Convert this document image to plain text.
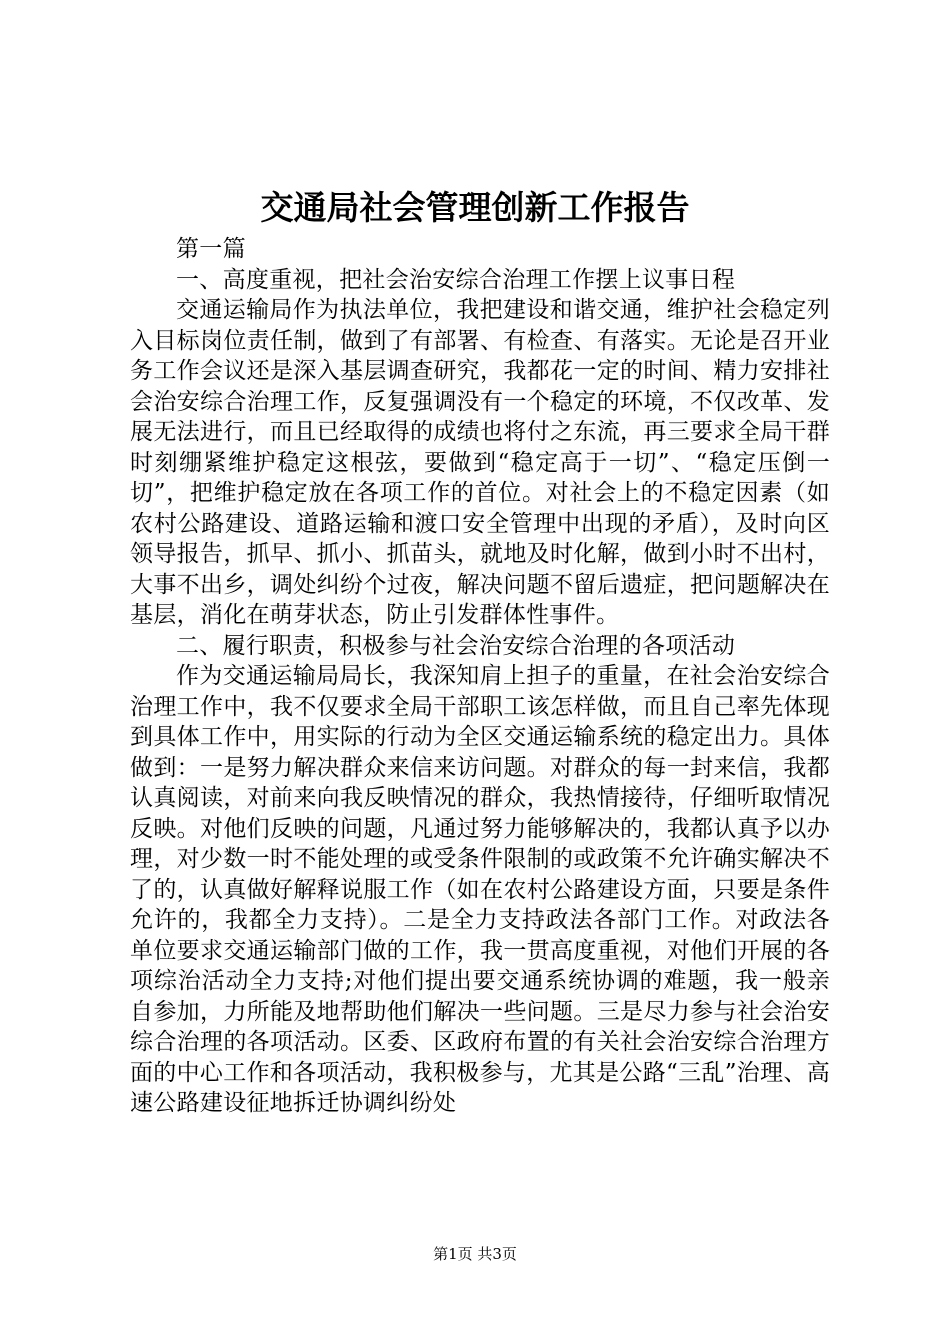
交通局社会管理创新工作报告

第一篇

一、高度重视，把社会治安综合治理工作摆上议事日程

交通运输局作为执法单位，我把建设和谐交通，维护社会稳定列入目标岗位责任制，做到了有部署、有检查、有落实。无论是召开业务工作会议还是深入基层调查研究，我都花一定的时间、精力安排社会治安综合治理工作，反复强调没有一个稳定的环境，不仅改革、发展无法进行，而且已经取得的成绩也将付之东流，再三要求全局干群时刻绷紧维护稳定这根弦，要做到“稳定高于一切”、“稳定压倒一切”，把维护稳定放在各项工作的首位。对社会上的不稳定因素（如农村公路建设、道路运输和渡口安全管理中出现的矛盾），及时向区领导报告，抓早、抓小、抓苗头，就地及时化解，做到小时不出村，大事不出乡，调处纠纷个过夜，解决问题不留后遗症，把问题解决在基层，消化在萌芽状态，防止引发群体性事件。

二、履行职责，积极参与社会治安综合治理的各项活动

作为交通运输局局长，我深知肩上担子的重量，在社会治安综合治理工作中，我不仅要求全局干部职工该怎样做，而且自己率先体现到具体工作中，用实际的行动为全区交通运输系统的稳定出力。具体做到：一是努力解决群众来信来访问题。对群众的每一封来信，我都认真阅读，对前来向我反映情况的群众，我热情接待，仔细听取情况反映。对他们反映的问题，凡通过努力能够解决的，我都认真予以办理，对少数一时不能处理的或受条件限制的或政策不允许确实解决不了的，认真做好解释说服工作（如在农村公路建设方面，只要是条件允许的，我都全力支持）。二是全力支持政法各部门工作。对政法各单位要求交通运输部门做的工作，我一贯高度重视，对他们开展的各项综治活动全力支持;对他们提出要交通系统协调的难题，我一般亲自参加，力所能及地帮助他们解决一些问题。三是尽力参与社会治安综合治理的各项活动。区委、区政府布置的有关社会治安综合治理方面的中心工作和各项活动，我积极参与，尤其是公路“三乱”治理、高速公路建设征地拆迁协调纠纷处

第1页 共3页
